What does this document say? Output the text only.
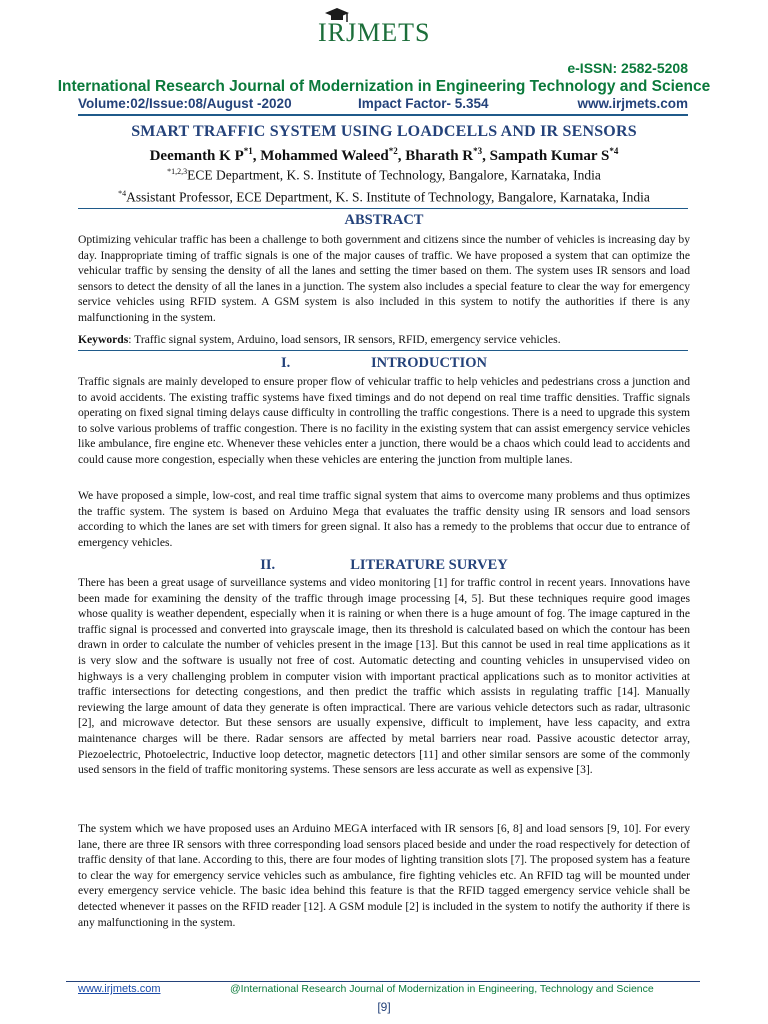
IRJMETS
e-ISSN: 2582-5208
International Research Journal of Modernization in Engineering Technology and Science
Volume:02/Issue:08/August -2020	Impact Factor- 5.354	www.irjmets.com
SMART TRAFFIC SYSTEM USING LOADCELLS AND IR SENSORS
Deemanth K $P^{*1}$, Mohammed Waleed$^{*2}$, Bharath $R^{*3}$, Sampath Kumar $S^{*4}$
$^{*1,2,3}$ECE Department, K. S. Institute of Technology, Bangalore, Karnataka, India
$^{*4}$Assistant Professor, ECE Department, K. S. Institute of Technology, Bangalore, Karnataka, India
ABSTRACT

Optimizing vehicular traffic has been a challenge to both government and citizens since the number of vehicles is increasing day by day. Inappropriate timing of traffic signals is one of the major causes of traffic. We have proposed a system that can optimize the vehicular traffic by sensing the density of all the lanes and setting the timer based on them. The system uses IR sensors and load sensors to detect the density of all the lanes in a junction. The system also includes a special feature to clear the way for emergency service vehicles using RFID system. A GSM system is also included in this system to notify the authorities if there is any malfunctioning in the system.

Keywords: Traffic signal system, Arduino, load sensors, IR sensors, RFID, emergency service vehicles.

I.	INTRODUCTION

Traffic signals are mainly developed to ensure proper flow of vehicular traffic to help vehicles and pedestrians cross a junction and to avoid accidents. The existing traffic systems have fixed timings and do not depend on real time traffic densities. Traffic signals operating on fixed signal timing delays cause difficulty in controlling the traffic congestions. There is a need to upgrade this system to solve various problems of traffic congestion. There is no facility in the existing system that can assist emergency service vehicles like ambulance, fire engine etc. Whenever these vehicles enter a junction, there would be a chaos which could lead to accidents and could cause more congestion, especially when these vehicles are entering the junction from multiple lanes.

We have proposed a simple, low-cost, and real time traffic signal system that aims to overcome many problems and thus optimizes the traffic system. The system is based on Arduino Mega that evaluates the traffic density using IR sensors and load sensors according to which the lanes are set with timers for green signal. It also has a remedy to the problems that occur due to entrance of emergency vehicles.

II.	LITERATURE SURVEY

There has been a great usage of surveillance systems and video monitoring [1] for traffic control in recent years. Innovations have been made for examining the density of the traffic through image processing [4, 5]. But these techniques require good images whose quality is weather dependent, especially when it is raining or when there is a huge amount of fog. The image captured in the traffic signal is processed and converted into grayscale image, then its threshold is calculated based on which the contour has been drawn in order to calculate the number of vehicles present in the image [13]. But this cannot be used in real time applications as it is very slow and the software is usually not free of cost. Automatic detecting and counting vehicles in unsupervised video on highways is a very challenging problem in computer vision with important practical applications such as to monitor activities at traffic intersections for detecting congestions, and then predict the traffic which assists in regulating traffic [14]. Manually reviewing the large amount of data they generate is often impractical. There are various vehicle detectors such as radar, ultrasonic [2], and microwave detector. But these sensors are usually expensive, difficult to implement, have less capacity, and extra maintenance charges will be there. Radar sensors are affected by metal barriers near road. Passive acoustic detector array, Piezoelectric, Photoelectric, Inductive loop detector, magnetic detectors [11] and other similar sensors are some of the commonly used sensors in the field of traffic monitoring systems. These sensors are less accurate as well as expensive [3].

The system which we have proposed uses an Arduino MEGA interfaced with IR sensors [6, 8] and load sensors [9, 10]. For every lane, there are three IR sensors with three corresponding load sensors placed beside and under the road respectively for detection of traffic density of that lane. According to this, there are four modes of lighting transition slots [7]. The proposed system has a feature to clear the way for emergency service vehicles such as ambulance, fire fighting vehicles etc. An RFID tag will be mounted under every emergency service vehicle. The basic idea behind this feature is that the RFID tagged emergency service vehicle shall be detected whenever it passes on the RFID reader [12]. A GSM module [2] is included in the system to notify the authority if there is any malfunctioning in the system.

www.irjmets.com	@International Research Journal of Modernization in Engineering, Technology and Science
[9]
